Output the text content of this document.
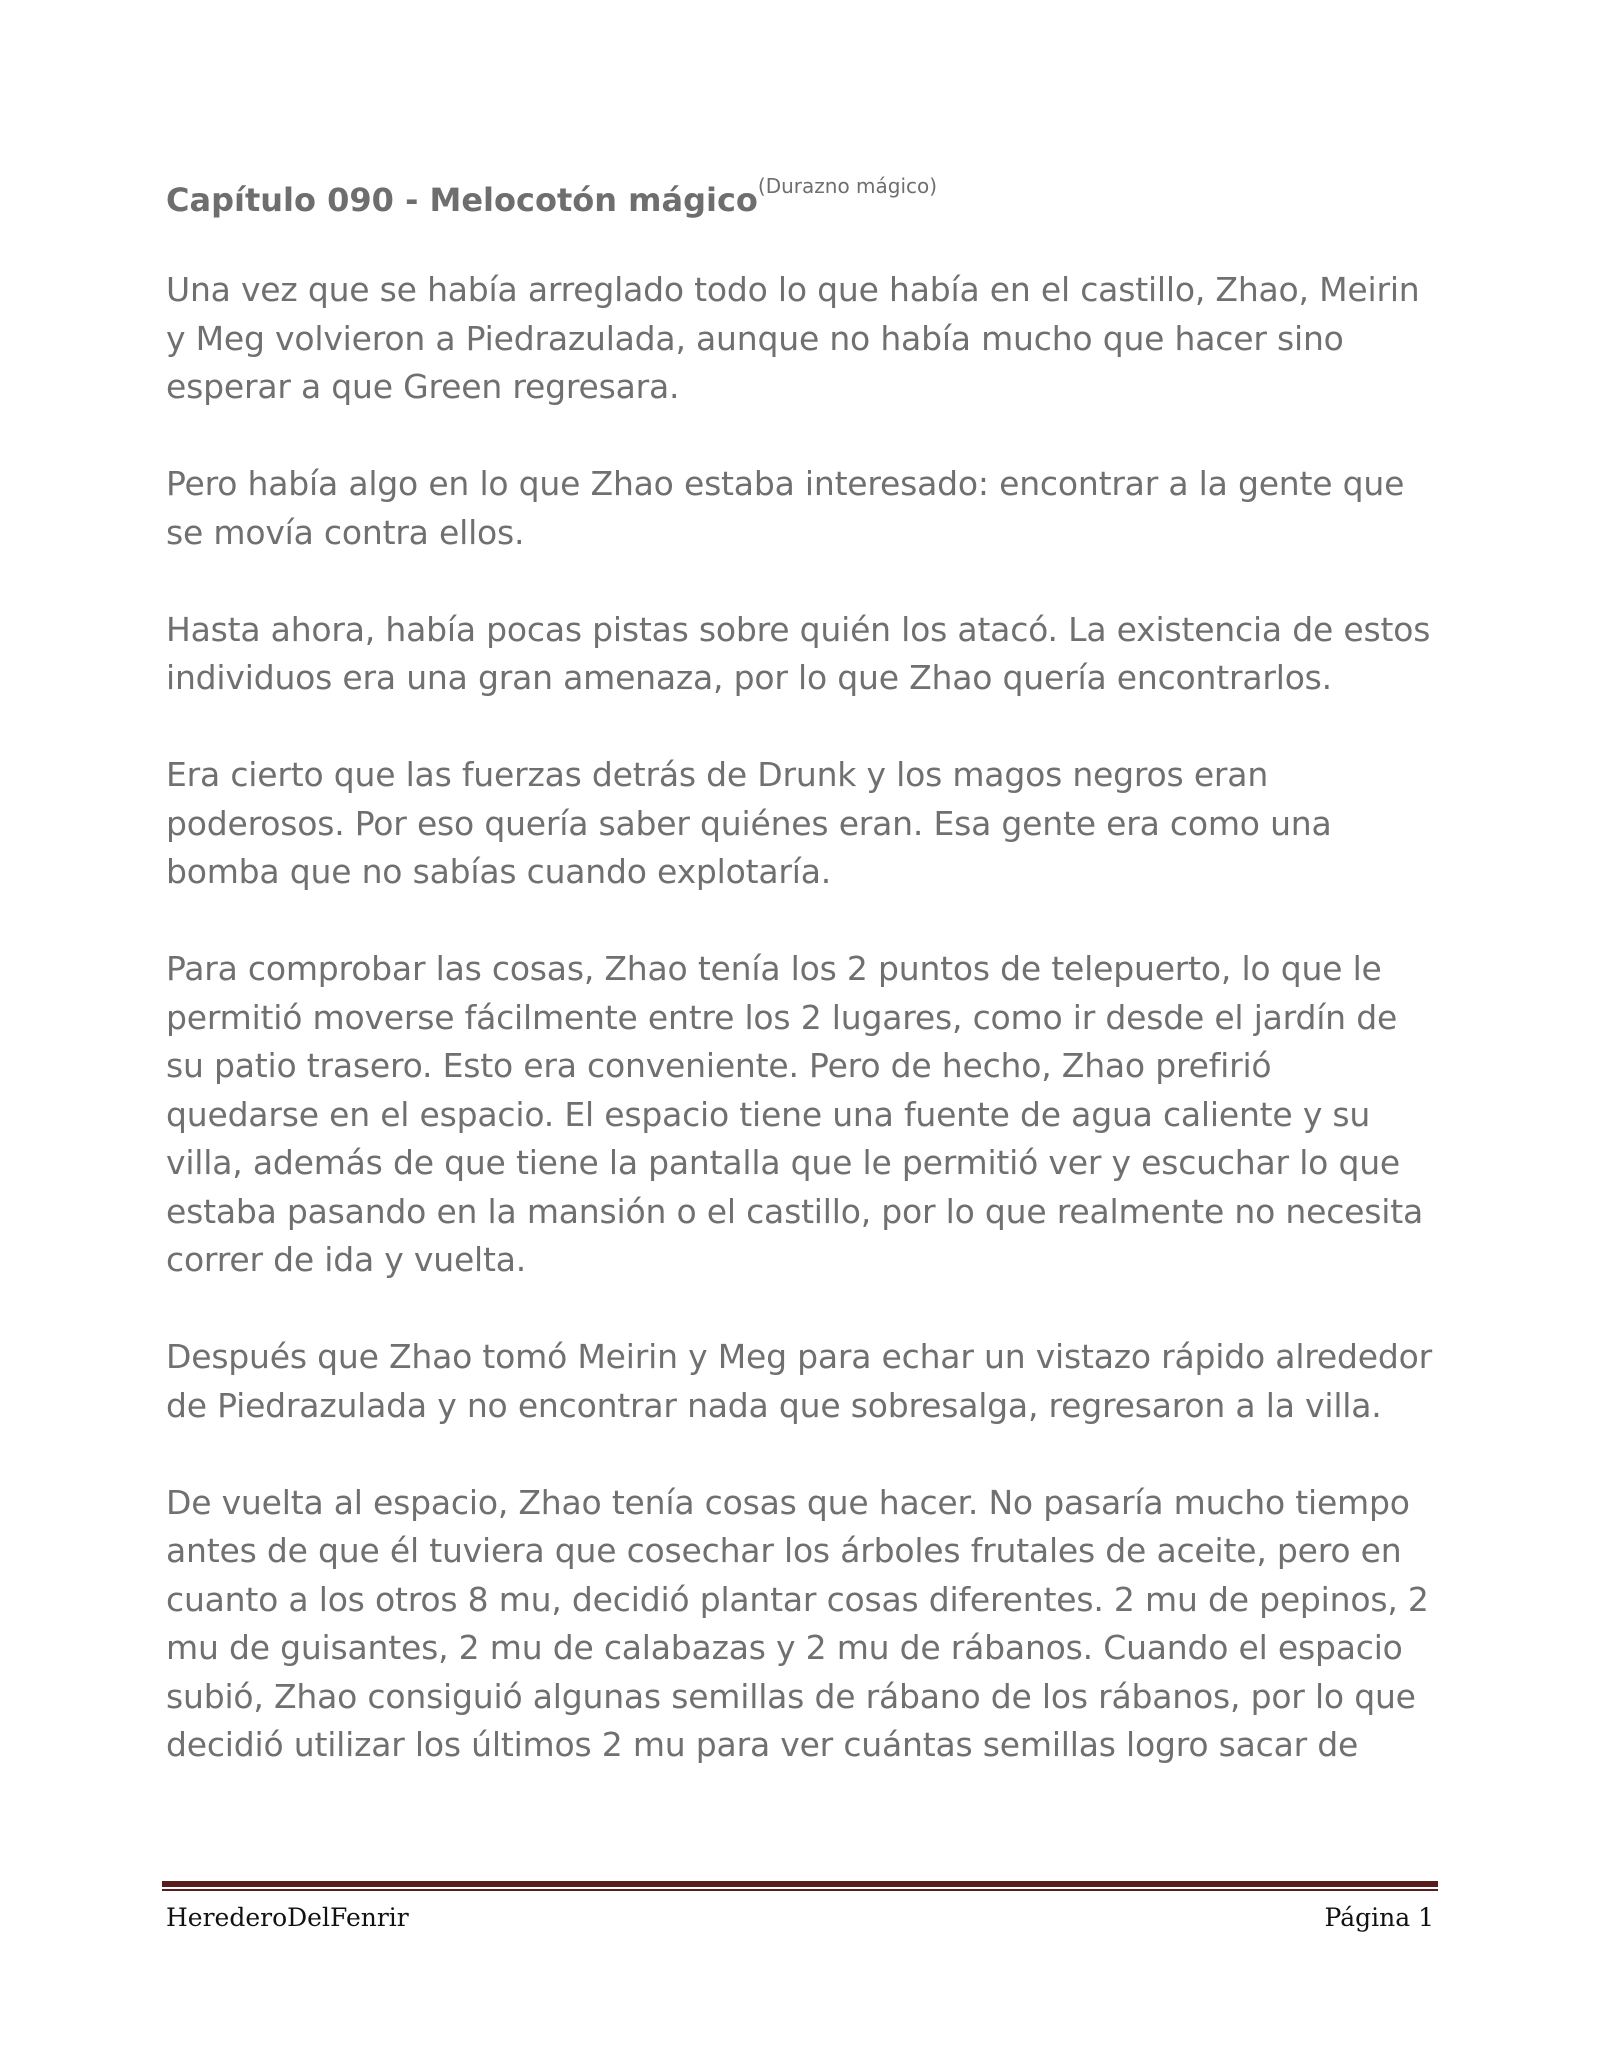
Capítulo 090 - Melocotón mágico$^{(Durazno mágico)}$

Una vez que se había arreglado todo lo que había en el castillo, Zhao, Meirin y Meg volvieron a Piedrazulada, aunque no había mucho que hacer sino esperar a que Green regresara.

Pero había algo en lo que Zhao estaba interesado: encontrar a la gente que se movía contra ellos.

Hasta ahora, había pocas pistas sobre quién los atacó. La existencia de estos individuos era una gran amenaza, por lo que Zhao quería encontrarlos.

Era cierto que las fuerzas detrás de Drunk y los magos negros eran poderosos. Por eso quería saber quiénes eran. Esa gente era como una bomba que no sabías cuando explotaría.

Para comprobar las cosas, Zhao tenía los 2 puntos de telepuerto, lo que le permitió moverse fácilmente entre los 2 lugares, como ir desde el jardín de su patio trasero. Esto era conveniente. Pero de hecho, Zhao prefirió quedarse en el espacio. El espacio tiene una fuente de agua caliente y su villa, además de que tiene la pantalla que le permitió ver y escuchar lo que estaba pasando en la mansión o el castillo, por lo que realmente no necesita correr de ida y vuelta.

Después que Zhao tomó Meirin y Meg para echar un vistazo rápido alrededor de Piedrazulada y no encontrar nada que sobresalga, regresaron a la villa.

De vuelta al espacio, Zhao tenía cosas que hacer. No pasaría mucho tiempo antes de que él tuviera que cosechar los árboles frutales de aceite, pero en cuanto a los otros 8 mu, decidió plantar cosas diferentes. 2 mu de pepinos, 2 mu de guisantes, 2 mu de calabazas y 2 mu de rábanos. Cuando el espacio subió, Zhao consiguió algunas semillas de rábano de los rábanos, por lo que decidió utilizar los últimos 2 mu para ver cuántas semillas logro sacar de

HerederoDelFenrir	Página 1
